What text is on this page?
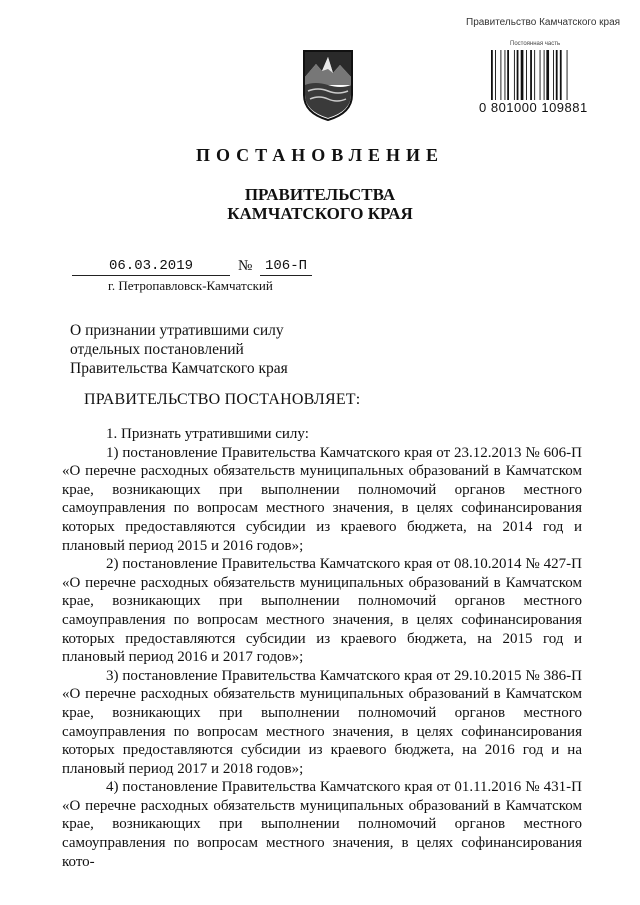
Правительство Камчатского края
Постоянная часть
0 801000 109881
ПОСТАНОВЛЕНИЕ
ПРАВИТЕЛЬСТВА
КАМЧАТСКОГО КРАЯ
06.03.2019	№ 106-П
г. Петропавловск-Камчатский
О признании утратившими силу отдельных постановлений Правительства Камчатского края
ПРАВИТЕЛЬСТВО ПОСТАНОВЛЯЕТ:

1. Признать утратившими силу:

1) постановление Правительства Камчатского края от 23.12.2013 № 606-П «О перечне расходных обязательств муниципальных образований в Камчатском крае, возникающих при выполнении полномочий органов местного самоуправления по вопросам местного значения, в целях софинансирования которых предоставляются субсидии из краевого бюджета, на 2014 год и плановый период 2015 и 2016 годов»;

2) постановление Правительства Камчатского края от 08.10.2014 № 427-П «О перечне расходных обязательств муниципальных образований в Камчатском крае, возникающих при выполнении полномочий органов местного самоуправления по вопросам местного значения, в целях софинансирования которых предоставляются субсидии из краевого бюджета, на 2015 год и плановый период 2016 и 2017 годов»;

3) постановление Правительства Камчатского края от 29.10.2015 № 386-П «О перечне расходных обязательств муниципальных образований в Камчатском крае, возникающих при выполнении полномочий органов местного самоуправления по вопросам местного значения, в целях софинансирования которых предоставляются субсидии из краевого бюджета, на 2016 год и на плановый период 2017 и 2018 годов»;

4) постановление Правительства Камчатского края от 01.11.2016 № 431-П «О перечне расходных обязательств муниципальных образований в Камчатском крае, возникающих при выполнении полномочий органов местного самоуправления по вопросам местного значения, в целях софинансирования кото-
